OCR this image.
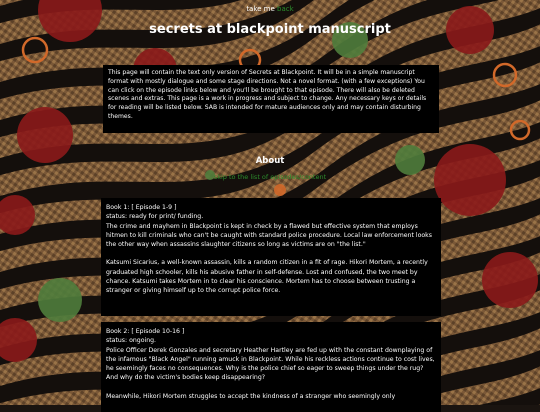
take me back
secrets at blackpoint manuscript
This page will contain the text only version of Secrets at Blackpoint. It will be in a simple manuscript format with mostly dialogue and some stage directions. Not a novel format. (with a few exceptions) You can click on the episode links below and you'll be brought to that episode. There will also be deleted scenes and extras. This page is a work in progress and subject to change. Any necessary keys or details for reading will be listed below. SAB is intended for mature audiences only and may contain disturbing themes.
About
skip to the list of episodes/content

Book 1: [ Episode 1-9 ]

status: ready for print/ funding.

The crime and mayhem in Blackpoint is kept in check by a flawed but effective system that employs hitmen to kill criminals who can't be caught with standard police procedure. Local law enforcement looks the other way when assassins slaughter citizens so long as victims are on "the list."

Katsumi Sicarius, a well-known assassin, kills a random citizen in a fit of rage. Hikori Mortem, a recently graduated high schooler, kills his abusive father in self-defense. Lost and confused, the two meet by chance. Katsumi takes Mortem in to clear his conscience. Mortem has to choose between trusting a stranger or giving himself up to the corrupt police force.

Book 2: [ Episode 10-16 ]

status: ongoing.

Police Officer Derek Gonzales and secretary Heather Hartley are fed up with the constant downplaying of the infamous "Black Angel" running amuck in Blackpoint. While his reckless actions continue to cost lives, he seemingly faces no consequences. Why is the police chief so eager to sweep things under the rug? And why do the victim's bodies keep disappearing?

Meanwhile, Hikori Mortem struggles to accept the kindness of a stranger who seemingly only
